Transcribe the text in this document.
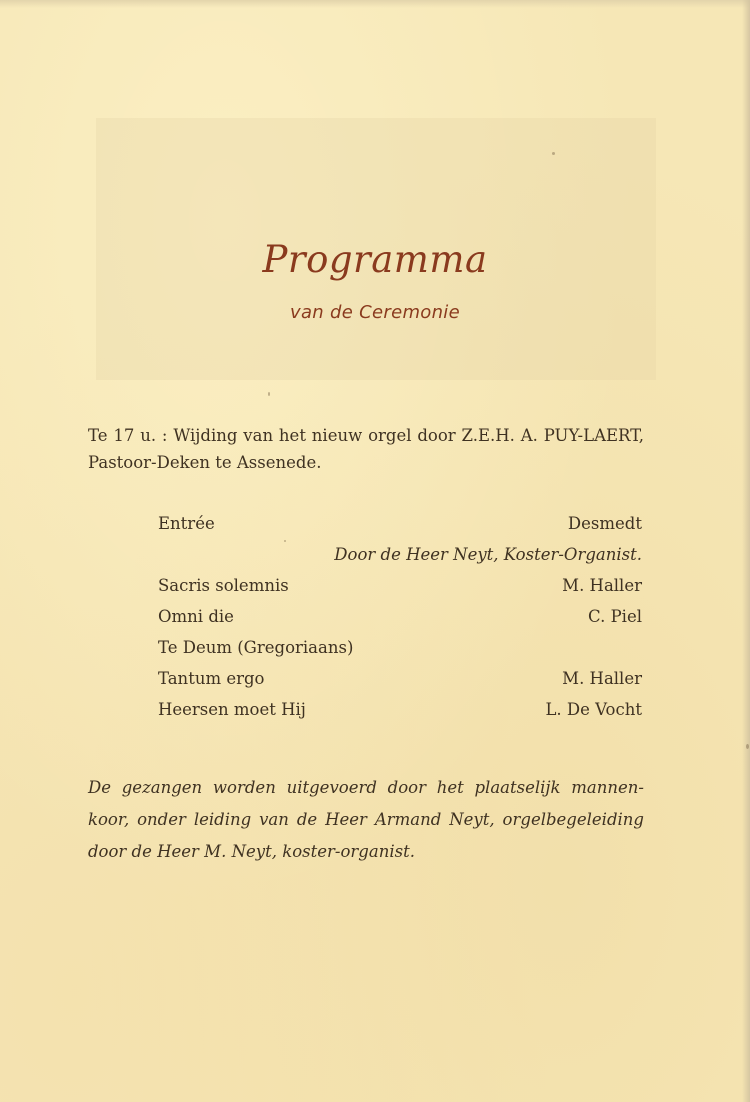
Programma
van de Ceremonie
Te 17 u. : Wijding van het nieuw orgel door Z.E.H. A. PUY-LAERT, Pastoor-Deken te Assenede.
Entrée	Desmedt
Door de Heer Neyt, Koster-Organist.
Sacris solemnis	M. Haller
Omni die	C. Piel
Te Deum (Gregoriaans)
Tantum ergo	M. Haller
Heersen moet Hij	L. De Vocht
De gezangen worden uitgevoerd door het plaatselijk mannen-koor, onder leiding van de Heer Armand Neyt, orgelbegeleiding door de Heer M. Neyt, koster-organist.
